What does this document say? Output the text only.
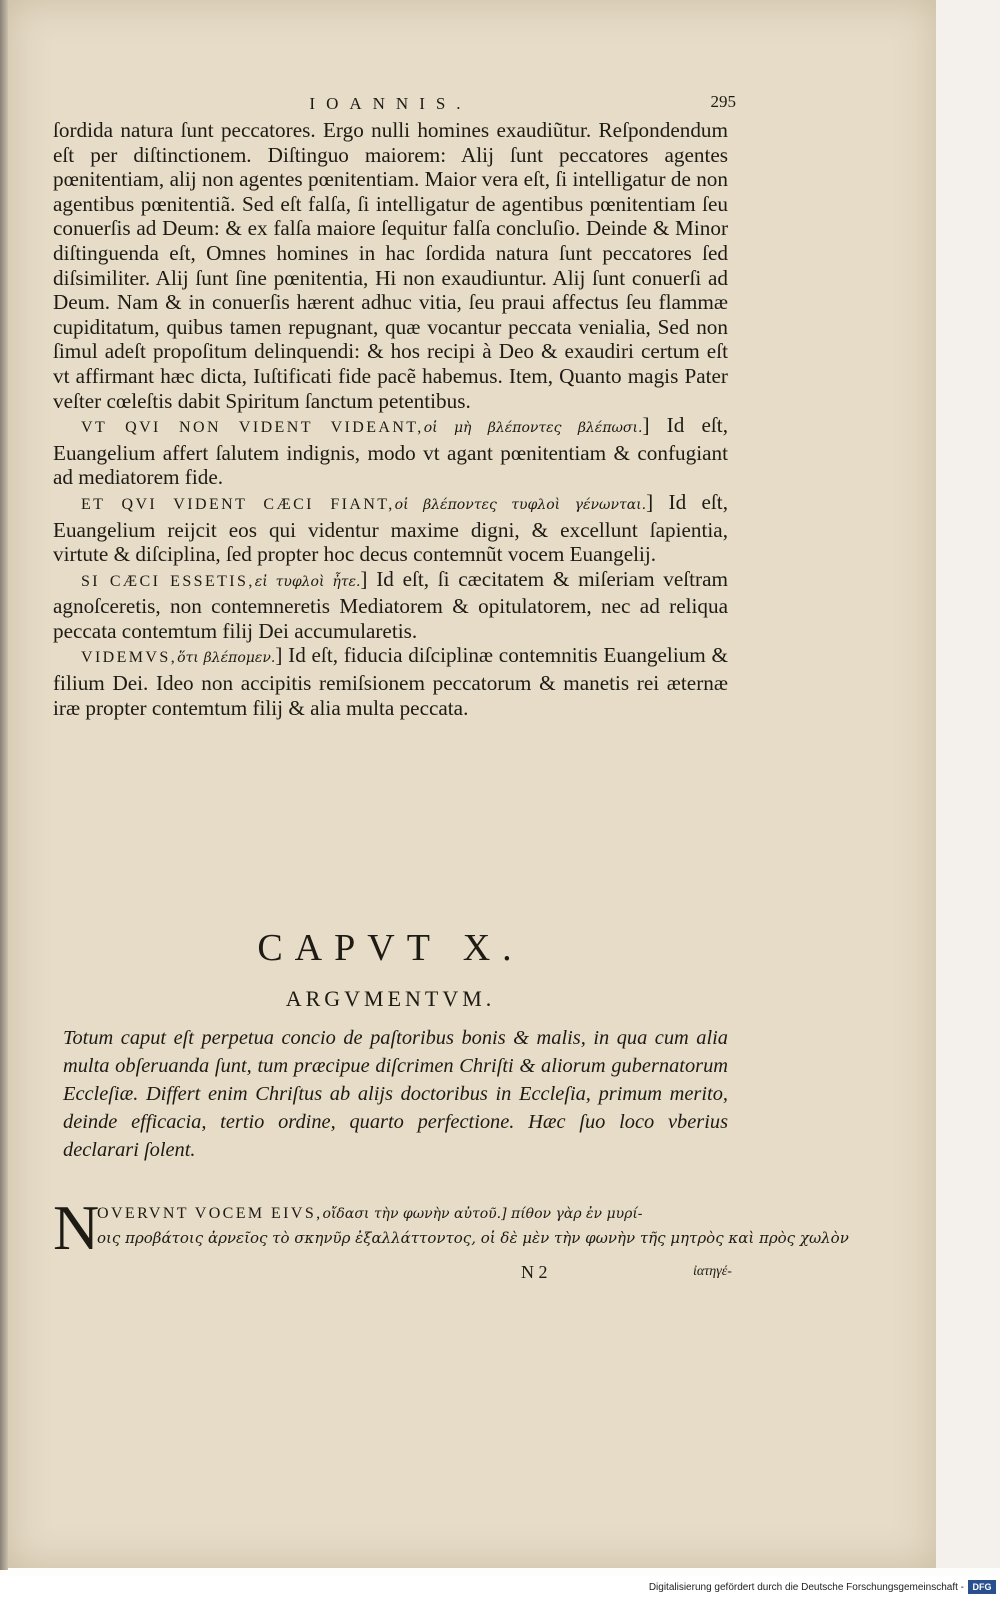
IOANNIS.	295

ſordida natura ſunt peccatores. Ergo nulli homines exaudiũtur. Reſpondendum eſt per diſtinctionem. Diſtinguo maiorem: Alij ſunt peccatores agentes pœnitentiam, alij non agentes pœnitentiam. Maior vera eſt, ſi intelligatur de non agentibus pœnitentiã. Sed eſt falſa, ſi intelligatur de agentibus pœnitentiam ſeu conuerſis ad Deum: & ex falſa maiore ſequitur falſa concluſio. Deinde & Minor diſtinguenda eſt, Omnes homines in hac ſordida natura ſunt peccatores ſed diſsimiliter. Alij ſunt ſine pœnitentia, Hi non exaudiuntur. Alij ſunt conuerſi ad Deum. Nam & in conuerſis hærent adhuc vitia, ſeu praui affectus ſeu flammæ cupiditatum, quibus tamen repugnant, quæ vocantur peccata venialia, Sed non ſimul adeſt propoſitum delinquendi: & hos recipi à Deo & exaudiri certum eſt vt affirmant hæc dicta, Iuſtificati fide pacẽ habemus. Item, Quanto magis Pater veſter cœleſtis dabit Spiritum ſanctum petentibus.

VT QVI NON VIDENT VIDEANT,οἱ μὴ βλέποντες βλέπωσι.] Id eſt, Euangelium affert ſalutem indignis, modo vt agant pœnitentiam & confugiant ad mediatorem fide.

ET QVI VIDENT CÆCI FIANT,οἱ βλέποντες τυφλοὶ γένωνται.] Id eſt, Euangelium reijcit eos qui videntur maxime digni, & excellunt ſapientia, virtute & diſciplina, ſed propter hoc decus contemnũt vocem Euangelij.

SI CÆCI ESSETIS,εἰ τυφλοὶ ἦτε.] Id eſt, ſi cæcitatem & miſeriam veſtram agnoſceretis, non contemneretis Mediatorem & opitulatorem, nec ad reliqua peccata contemtum filij Dei accumularetis.

VIDEMVS,ὅτι βλέπομεν.] Id eſt, fiducia diſciplinæ contemnitis Euangelium & filium Dei. Ideo non accipitis remiſsionem peccatorum & manetis rei æternæ iræ propter contemtum filij & alia multa peccata.

CAPVT X.
ARGVMENTVM.
Totum caput eſt perpetua concio de paſtoribus bonis & malis, in qua cum alia multa obſeruanda ſunt, tum præcipue diſcrimen Chriſti & aliorum gubernatorum Eccleſiæ. Differt enim Chriſtus ab alijs doctoribus in Eccleſia, primum merito, deinde efficacia, tertio ordine, quarto perfectione. Hæc ſuo loco vberius declarari ſolent.
N
OVERVNT VOCEM EIVS,οἴδασι τὴν φωνὴν αὐτοῦ.] πίθον γὰρ ἐν μυρί-
οις προβάτοις ἀρνεῖος τὸ σκηνῦρ ἐξαλλάττοντος, οἱ δὲ μὲν τὴν φωνὴν τῆς μητρὸς καὶ πρὸς χωλὸν
N 2	ἰατηγέ-
Digitalisierung gefördert durch die Deutsche Forschungsgemeinschaft - DFG
